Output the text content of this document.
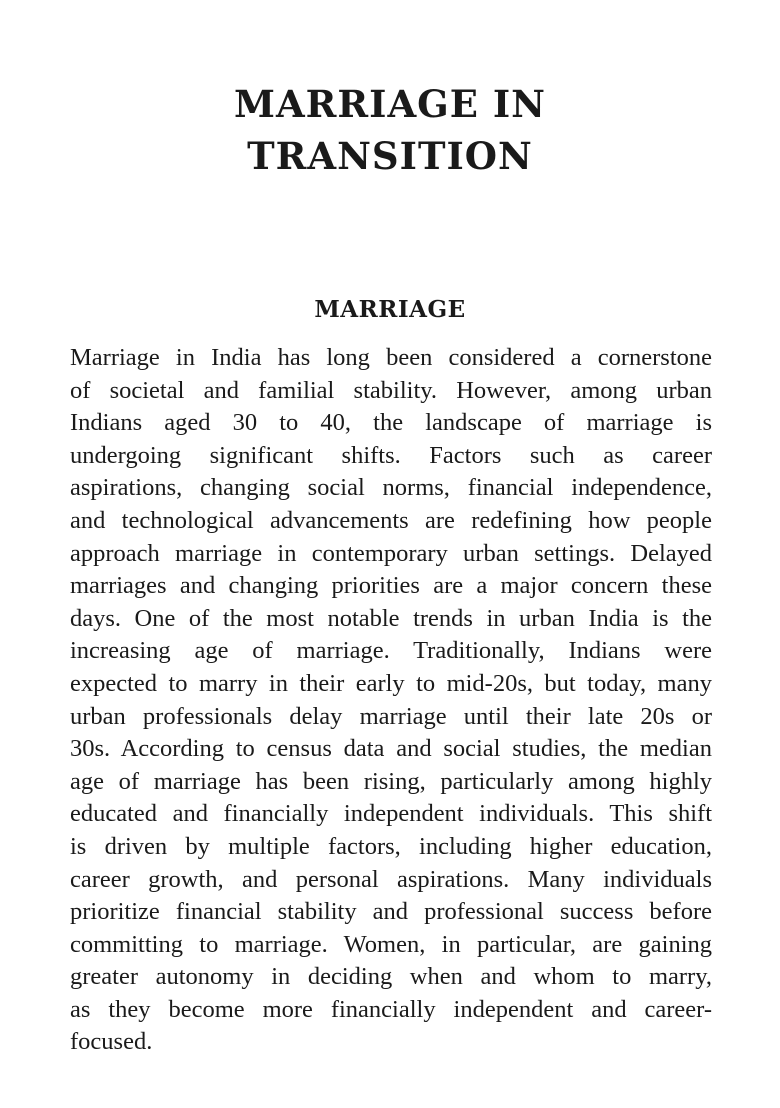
MARRIAGE IN
TRANSITION
MARRIAGE
Marriage in India has long been considered a cornerstone
of societal and familial stability. However, among urban
Indians aged 30 to 40, the landscape of marriage is
undergoing significant shifts. Factors such as career
aspirations, changing social norms, financial independence,
and technological advancements are redefining how people
approach marriage in contemporary urban settings. Delayed
marriages and changing priorities are a major concern these
days. One of the most notable trends in urban India is the
increasing age of marriage. Traditionally, Indians were
expected to marry in their early to mid-20s, but today, many
urban professionals delay marriage until their late 20s or
30s. According to census data and social studies, the median
age of marriage has been rising, particularly among highly
educated and financially independent individuals. This shift
is driven by multiple factors, including higher education,
career growth, and personal aspirations. Many individuals
prioritize financial stability and professional success before
committing to marriage. Women, in particular, are gaining
greater autonomy in deciding when and whom to marry,
as they become more financially independent and career-
focused.
